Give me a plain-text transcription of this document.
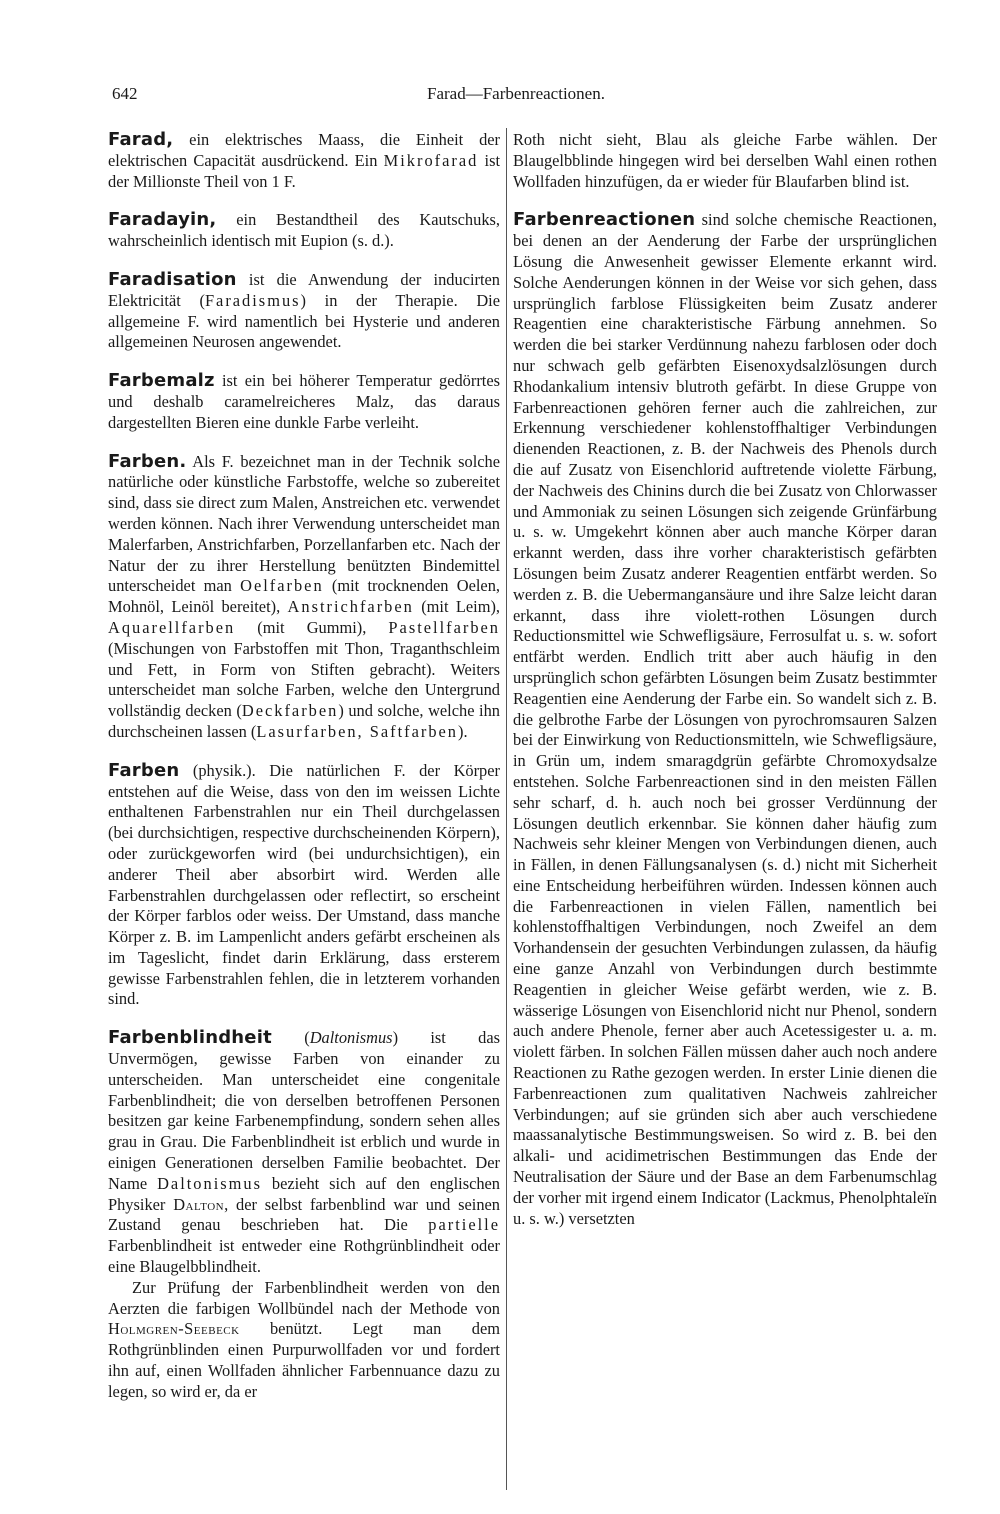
642	Farad—Farbenreactionen.

Farad, ein elektrisches Maass, die Einheit der elektrischen Capacität ausdrückend. Ein Mikrofarad ist der Millionste Theil von 1 F.

Faradayin, ein Bestandtheil des Kautschuks, wahrscheinlich identisch mit Eupion (s. d.).

Faradisation ist die Anwendung der inducirten Elektricität (Faradismus) in der Therapie. Die allgemeine F. wird namentlich bei Hysterie und anderen allgemeinen Neurosen angewendet.

Farbemalz ist ein bei höherer Temperatur gedörrtes und deshalb caramelreicheres Malz, das daraus dargestellten Bieren eine dunkle Farbe verleiht.

Farben. Als F. bezeichnet man in der Technik solche natürliche oder künstliche Farbstoffe, welche so zubereitet sind, dass sie direct zum Malen, Anstreichen etc. verwendet werden können. Nach ihrer Verwendung unterscheidet man Malerfarben, Anstrichfarben, Porzellanfarben etc. Nach der Natur der zu ihrer Herstellung benützten Bindemittel unterscheidet man Oelfarben (mit trocknenden Oelen, Mohnöl, Leinöl bereitet), Anstrichfarben (mit Leim), Aquarellfarben (mit Gummi), Pastellfarben (Mischungen von Farbstoffen mit Thon, Traganthschleim und Fett, in Form von Stiften gebracht). Weiters unterscheidet man solche Farben, welche den Untergrund vollständig decken (Deckfarben) und solche, welche ihn durchscheinen lassen (Lasurfarben, Saftfarben).

Farben (physik.). Die natürlichen F. der Körper entstehen auf die Weise, dass von den im weissen Lichte enthaltenen Farbenstrahlen nur ein Theil durchgelassen (bei durchsichtigen, respective durchscheinenden Körpern), oder zurückgeworfen wird (bei undurchsichtigen), ein anderer Theil aber absorbirt wird. Werden alle Farbenstrahlen durchgelassen oder reflectirt, so erscheint der Körper farblos oder weiss. Der Umstand, dass manche Körper z. B. im Lampenlicht anders gefärbt erscheinen als im Tageslicht, findet darin Erklärung, dass ersterem gewisse Farbenstrahlen fehlen, die in letzterem vorhanden sind.

Farbenblindheit (Daltonismus) ist das Unvermögen, gewisse Farben von einander zu unterscheiden. Man unterscheidet eine congenitale Farbenblindheit; die von derselben betroffenen Personen besitzen gar keine Farbenempfindung, sondern sehen alles grau in Grau. Die Farbenblindheit ist erblich und wurde in einigen Generationen derselben Familie beobachtet. Der Name Daltonismus bezieht sich auf den englischen Physiker Dalton, der selbst farbenblind war und seinen Zustand genau beschrieben hat. Die partielle Farbenblindheit ist entweder eine Rothgrünblindheit oder eine Blaugelbblindheit.

Zur Prüfung der Farbenblindheit werden von den Aerzten die farbigen Wollbündel nach der Methode von Holmgren-Seebeck benützt. Legt man dem Rothgrünblinden einen Purpurwollfaden vor und fordert ihn auf, einen Wollfaden ähnlicher Farbennuance dazu zu legen, so wird er, da er

Roth nicht sieht, Blau als gleiche Farbe wählen. Der Blaugelbblinde hingegen wird bei derselben Wahl einen rothen Wollfaden hinzufügen, da er wieder für Blaufarben blind ist.

Farbenreactionen sind solche chemische Reactionen, bei denen an der Aenderung der Farbe der ursprünglichen Lösung die Anwesenheit gewisser Elemente erkannt wird. Solche Aenderungen können in der Weise vor sich gehen, dass ursprünglich farblose Flüssigkeiten beim Zusatz anderer Reagentien eine charakteristische Färbung annehmen. So werden die bei starker Verdünnung nahezu farblosen oder doch nur schwach gelb gefärbten Eisenoxydsalzlösungen durch Rhodankalium intensiv blutroth gefärbt. In diese Gruppe von Farbenreactionen gehören ferner auch die zahlreichen, zur Erkennung verschiedener kohlenstoffhaltiger Verbindungen dienenden Reactionen, z. B. der Nachweis des Phenols durch die auf Zusatz von Eisenchlorid auftretende violette Färbung, der Nachweis des Chinins durch die bei Zusatz von Chlorwasser und Ammoniak zu seinen Lösungen sich zeigende Grünfärbung u. s. w. Umgekehrt können aber auch manche Körper daran erkannt werden, dass ihre vorher charakteristisch gefärbten Lösungen beim Zusatz anderer Reagentien entfärbt werden. So werden z. B. die Uebermangansäure und ihre Salze leicht daran erkannt, dass ihre violett-rothen Lösungen durch Reductionsmittel wie Schwefligsäure, Ferrosulfat u. s. w. sofort entfärbt werden. Endlich tritt aber auch häufig in den ursprünglich schon gefärbten Lösungen beim Zusatz bestimmter Reagentien eine Aenderung der Farbe ein. So wandelt sich z. B. die gelbrothe Farbe der Lösungen von pyrochromsauren Salzen bei der Einwirkung von Reductionsmitteln, wie Schwefligsäure, in Grün um, indem smaragdgrün gefärbte Chromoxydsalze entstehen. Solche Farbenreactionen sind in den meisten Fällen sehr scharf, d. h. auch noch bei grosser Verdünnung der Lösungen deutlich erkennbar. Sie können daher häufig zum Nachweis sehr kleiner Mengen von Verbindungen dienen, auch in Fällen, in denen Fällungsanalysen (s. d.) nicht mit Sicherheit eine Entscheidung herbeiführen würden. Indessen können auch die Farbenreactionen in vielen Fällen, namentlich bei kohlenstoffhaltigen Verbindungen, noch Zweifel an dem Vorhandensein der gesuchten Verbindungen zulassen, da häufig eine ganze Anzahl von Verbindungen durch bestimmte Reagentien in gleicher Weise gefärbt werden, wie z. B. wässerige Lösungen von Eisenchlorid nicht nur Phenol, sondern auch andere Phenole, ferner aber auch Acetessigester u. a. m. violett färben. In solchen Fällen müssen daher auch noch andere Reactionen zu Rathe gezogen werden. In erster Linie dienen die Farbenreactionen zum qualitativen Nachweis zahlreicher Verbindungen; auf sie gründen sich aber auch verschiedene maassanalytische Bestimmungsweisen. So wird z. B. bei den alkali- und acidimetrischen Bestimmungen das Ende der Neutralisation der Säure und der Base an dem Farbenumschlag der vorher mit irgend einem Indicator (Lackmus, Phenolphtaleïn u. s. w.) versetzten
